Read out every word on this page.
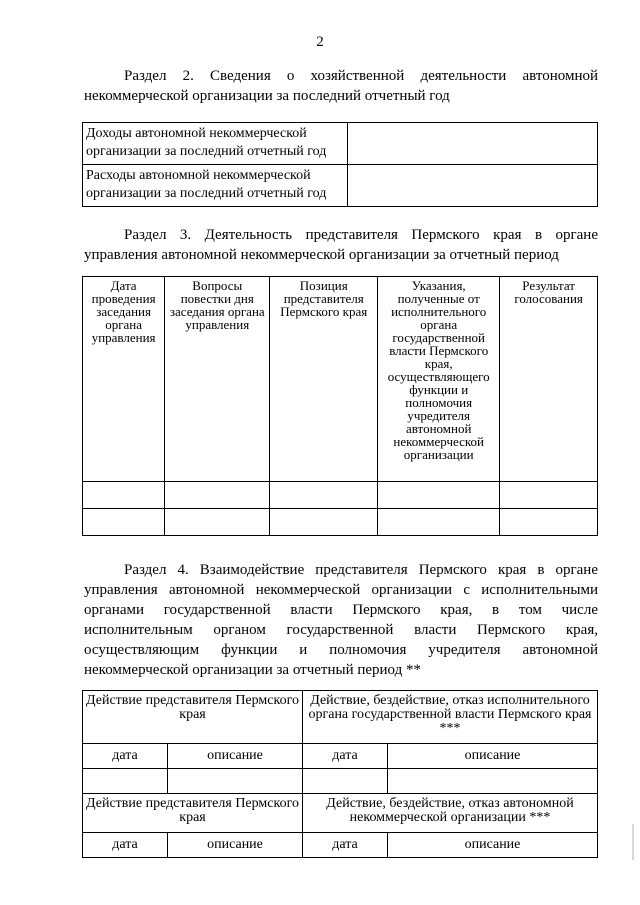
2
Раздел 2. Сведения о хозяйственной деятельности автономной
некоммерческой организации за последний отчетный год
Доходы автономной некоммерческой организации за последний отчетный год	
Расходы автономной некоммерческой организации за последний отчетный год	
Раздел 3. Деятельность представителя Пермского края в органе
управления автономной некоммерческой организации за отчетный период
Дата проведения заседания органа управления	Вопросы повестки дня заседания органа управления	Позиция представителя Пермского края	Указания, полученные от исполнительного органа государственной власти Пермского края, осуществляющего функции и полномочия учредителя автономной некоммерческой организации	Результат голосования

Раздел 4. Взаимодействие представителя Пермского края в органе
управления автономной некоммерческой организации с исполнительными
органами государственной власти Пермского края, в том числе
исполнительным органом государственной власти Пермского края,
осуществляющим функции и полномочия учредителя автономной
некоммерческой организации за отчетный период **
Действие представителя Пермского края		Действие, бездействие, отказ исполнительного органа государственной власти Пермского края ***	
дата	описание	дата	описание

Действие представителя Пермского края		Действие, бездействие, отказ автономной некоммерческой организации ***	
дата	описание	дата	описание
